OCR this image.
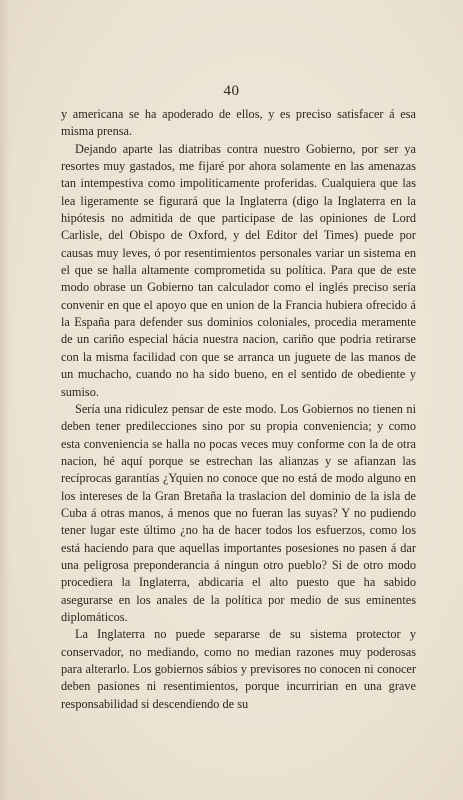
40

y americana se ha apoderado de ellos, y es preciso satisfacer á esa misma prensa.

Dejando aparte las diatribas contra nuestro Gobierno, por ser ya resortes muy gastados, me fijaré por ahora solamente en las amenazas tan intempestiva como impoliticamente proferidas. Cualquiera que las lea ligeramente se figurará que la Inglaterra (digo la Inglaterra en la hipótesis no admitida de que participase de las opiniones de Lord Carlisle, del Obispo de Oxford, y del Editor del Times) puede por causas muy leves, ó por resentimientos personales variar un sistema en el que se halla altamente comprometida su política. Para que de este modo obrase un Gobierno tan calculador como el inglés preciso sería convenir en que el apoyo que en union de la Francia hubiera ofrecido á la España para defender sus dominios coloniales, procedia meramente de un cariño especial hácia nuestra nacion, cariño que podria retirarse con la misma facilidad con que se arranca un juguete de las manos de un muchacho, cuando no ha sido bueno, en el sentido de obediente y sumiso.

Sería una ridiculez pensar de este modo. Los Gobiernos no tienen ni deben tener predilecciones sino por su propia conveniencia; y como esta conveniencia se halla no pocas veces muy conforme con la de otra nacion, hé aquí porque se estrechan las alianzas y se afianzan las recíprocas garantías ¿Yquien no conoce que no está de modo alguno en los intereses de la Gran Bretaña la traslacion del dominio de la isla de Cuba á otras manos, á menos que no fueran las suyas? Y no pudiendo tener lugar este último ¿no ha de hacer todos los esfuerzos, como los está haciendo para que aquellas importantes posesiones no pasen á dar una peligrosa preponderancia á ningun otro pueblo? Si de otro modo procediera la Inglaterra, abdicaria el alto puesto que ha sabido asegurarse en los anales de la política por medio de sus eminentes diplomáticos.

La Inglaterra no puede separarse de su sistema protector y conservador, no mediando, como no median razones muy poderosas para alterarlo. Los gobiernos sábios y previsores no conocen ni conocer deben pasiones ni resentimientos, porque incurririan en una grave responsabilidad si descendiendo de su
